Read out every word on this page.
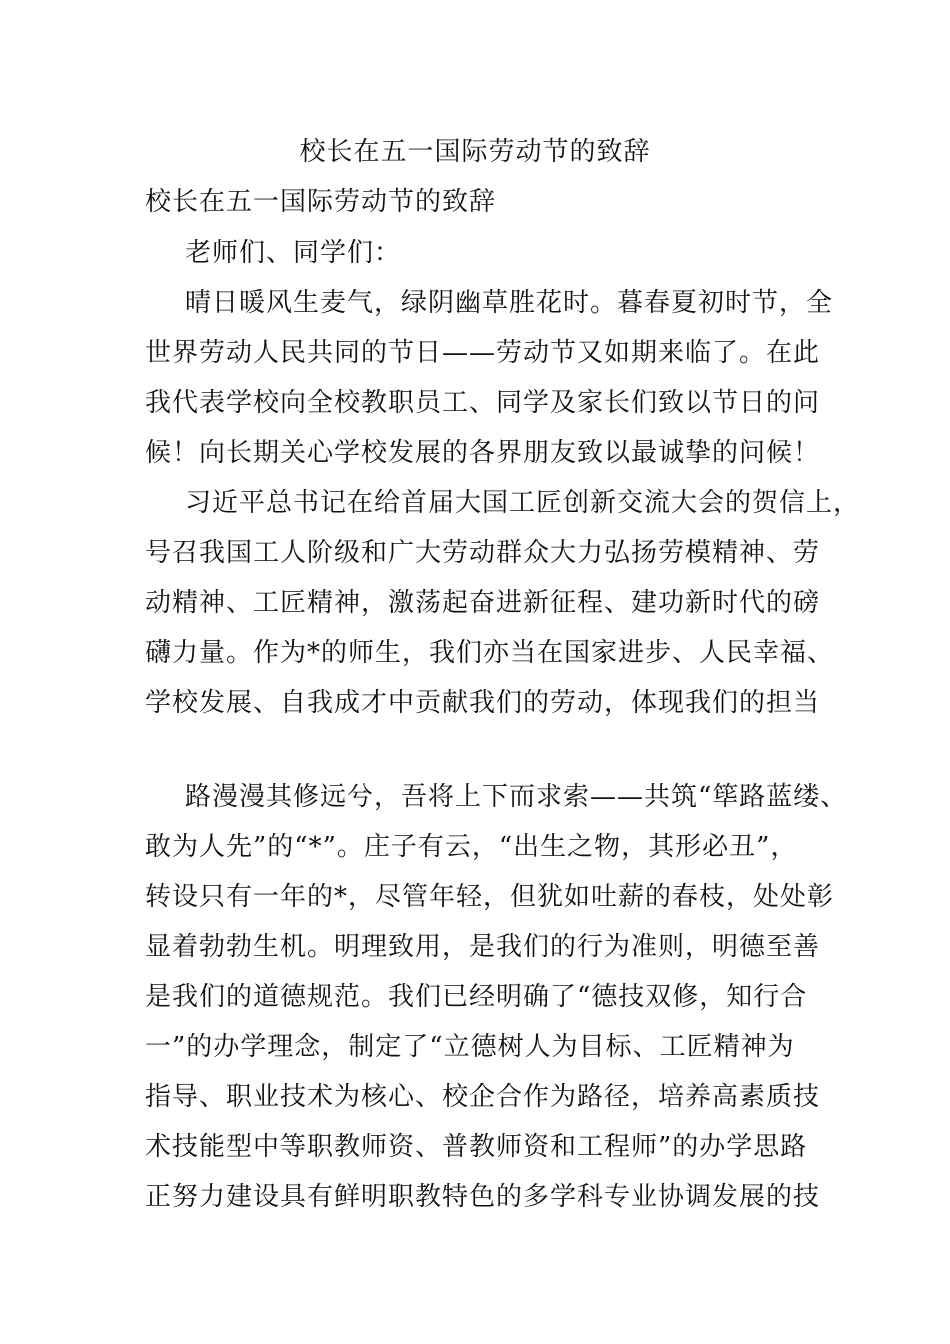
校长在五一国际劳动节的致辞
校长在五一国际劳动节的致辞
老师们、同学们：
晴日暖风生麦气，绿阴幽草胜花时。暮春夏初时节，全
世界劳动人民共同的节日——劳动节又如期来临了。在此
我代表学校向全校教职员工、同学及家长们致以节日的问
候！向长期关心学校发展的各界朋友致以最诚挚的问候！
习近平总书记在给首届大国工匠创新交流大会的贺信上，
号召我国工人阶级和广大劳动群众大力弘扬劳模精神、劳
动精神、工匠精神，激荡起奋进新征程、建功新时代的磅
礴力量。作为*的师生，我们亦当在国家进步、人民幸福、
学校发展、自我成才中贡献我们的劳动，体现我们的担当
路漫漫其修远兮，吾将上下而求索——共筑“筚路蓝缕、
敢为人先”的“*”。庄子有云，“出生之物，其形必丑”，
转设只有一年的*，尽管年轻，但犹如吐薪的春枝，处处彰
显着勃勃生机。明理致用，是我们的行为准则，明德至善
是我们的道德规范。我们已经明确了“德技双修，知行合
一”的办学理念，制定了“立德树人为目标、工匠精神为
指导、职业技术为核心、校企合作为路径，培养高素质技
术技能型中等职教师资、普教师资和工程师”的办学思路
正努力建设具有鲜明职教特色的多学科专业协调发展的技
